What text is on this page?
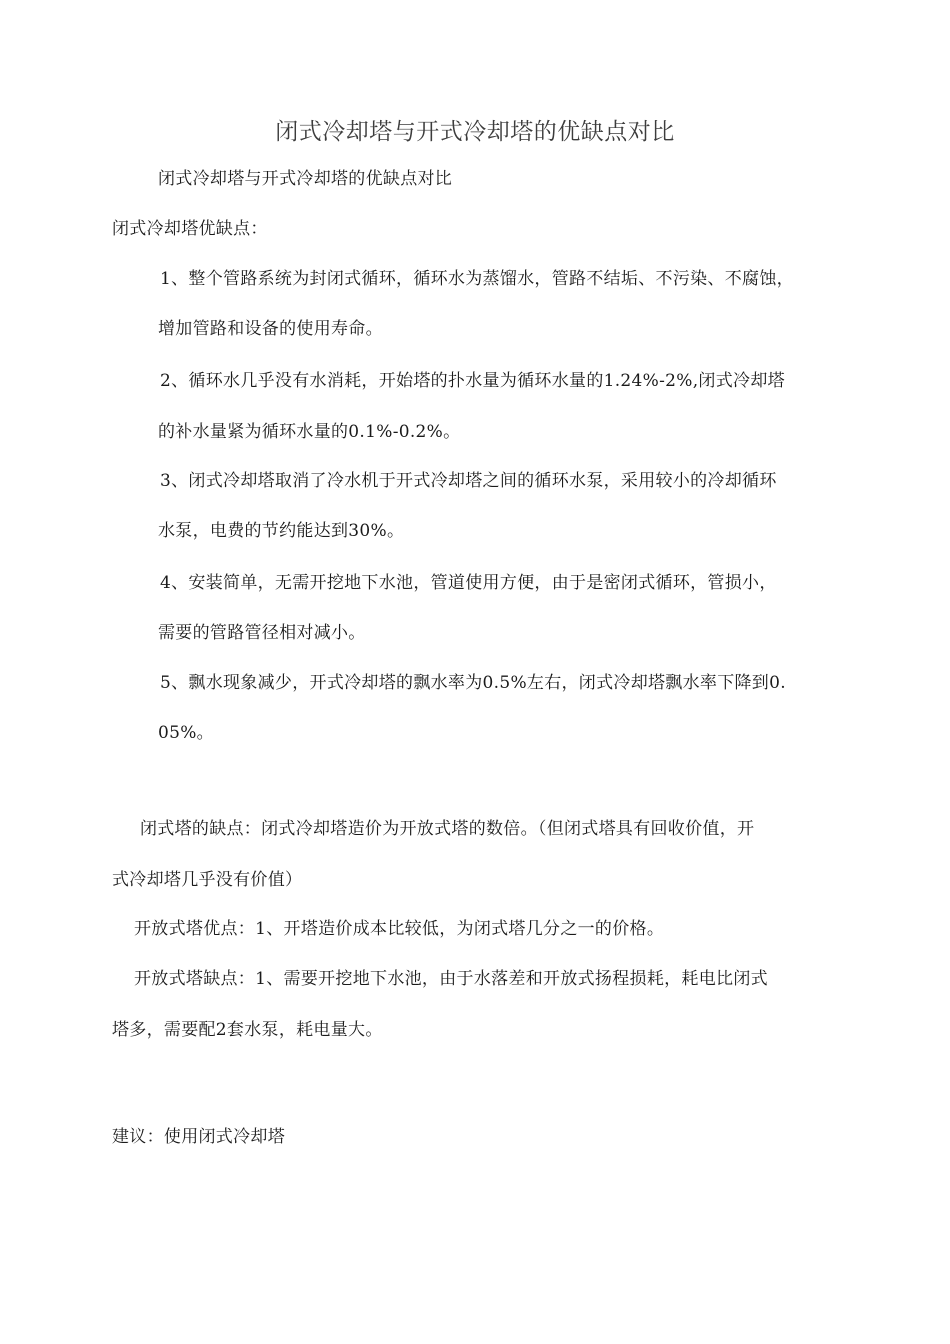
闭式冷却塔与开式冷却塔的优缺点对比

闭式冷却塔与开式冷却塔的优缺点对比

闭式冷却塔优缺点：

1、整个管路系统为封闭式循环，循环水为蒸馏水，管路不结垢、不污染、不腐蚀，

增加管路和设备的使用寿命。

2、循环水几乎没有水消耗，开始塔的扑水量为循环水量的1.24%-2%,闭式冷却塔

的补水量紧为循环水量的0.1%-0.2%。

3、闭式冷却塔取消了冷水机于开式冷却塔之间的循环水泵，采用较小的冷却循环

水泵，电费的节约能达到30%。

4、安装简单，无需开挖地下水池，管道使用方便，由于是密闭式循环，管损小，

需要的管路管径相对减小。

5、飘水现象减少，开式冷却塔的飘水率为0.5%左右，闭式冷却塔飘水率下降到0.

05%。

闭式塔的缺点：闭式冷却塔造价为开放式塔的数倍。（但闭式塔具有回收价值，开

式冷却塔几乎没有价值）

开放式塔优点：1、开塔造价成本比较低，为闭式塔几分之一的价格。

开放式塔缺点：1、需要开挖地下水池，由于水落差和开放式扬程损耗，耗电比闭式

塔多，需要配2套水泵，耗电量大。

建议：使用闭式冷却塔
